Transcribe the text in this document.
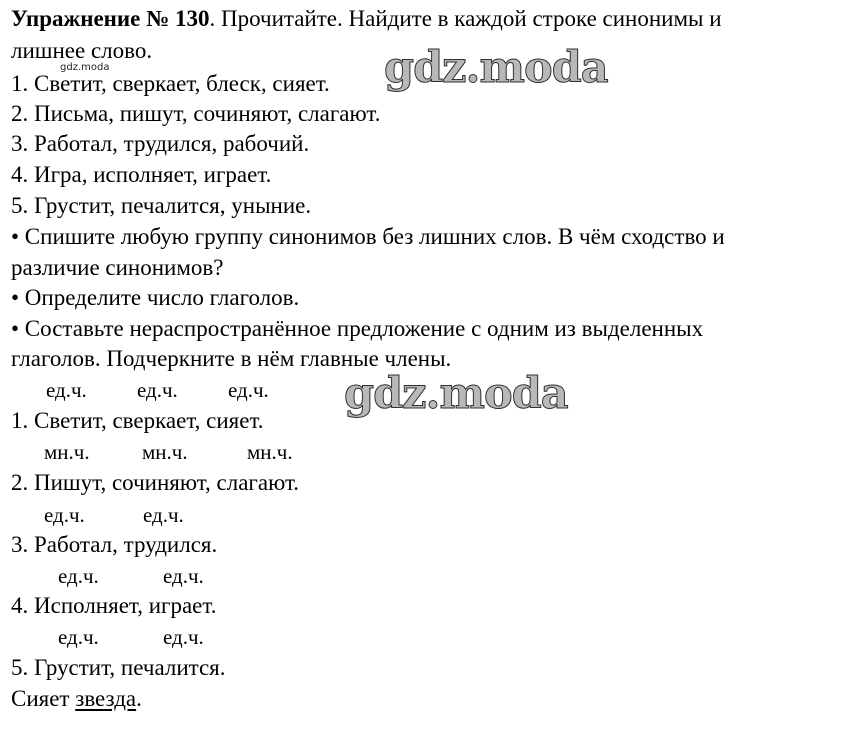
Упражнение № 130. Прочитайте. Найдите в каждой строке синонимы и
лишнее слово.
1. Светит, сверкает, блеск, сияет.
2. Письма, пишут, сочиняют, слагают.
3. Работал, трудился, рабочий.
4. Игра, исполняет, играет.
5. Грустит, печалится, уныние.
• Спишите любую группу синонимов без лишних слов. В чём сходство и
различие синонимов?
• Определите число глаголов.
• Составьте нераспространённое предложение с одним из выделенных
глаголов. Подчеркните в нём главные члены.
ед.ч. ед.ч. ед.ч.
1. Светит, сверкает, сияет.
мн.ч. мн.ч.	мн.ч.
2. Пишут, сочиняют, слагают.
ед.ч.	ед.ч.
3. Работал, трудился.
ед.ч.	ед.ч.
4. Исполняет, играет.
ед.ч.	ед.ч.
5. Грустит, печалится.
Сияет звезда.
gdz.moda	gdz.moda
gdz.moda
